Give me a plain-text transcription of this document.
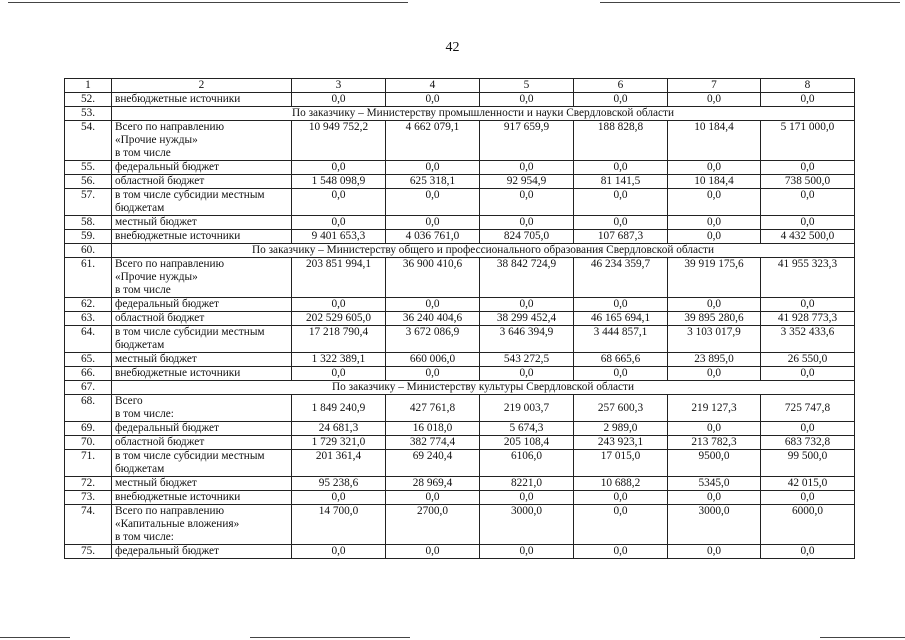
42
1	2	3	4	5	6	7	8
52.	внебюджетные источники	0,0	0,0	0,0	0,0	0,0	0,0
53.	По заказчику – Министерству промышленности и науки Свердловской области						
54.	Всего по направлению
«Прочие нужды»
в том числе	10 949 752,2	4 662 079,1	917 659,9	188 828,8	10 184,4	5 171 000,0
55.	федеральный бюджет	0,0	0,0	0,0	0,0	0,0	0,0
56.	областной бюджет	1 548 098,9	625 318,1	92 954,9	81 141,5	10 184,4	738 500,0
57.	в том числе субсидии местным
бюджетам	0,0	0,0	0,0	0,0	0,0	0,0
58.	местный бюджет	0,0	0,0	0,0	0,0	0,0	0,0
59.	внебюджетные источники	9 401 653,3	4 036 761,0	824 705,0	107 687,3	0,0	4 432 500,0
60.	По заказчику – Министерству общего и профессионального образования Свердловской области						
61.	Всего по направлению
«Прочие нужды»
в том числе	203 851 994,1	36 900 410,6	38 842 724,9	46 234 359,7	39 919 175,6	41 955 323,3
62.	федеральный бюджет	0,0	0,0	0,0	0,0	0,0	0,0
63.	областной бюджет	202 529 605,0	36 240 404,6	38 299 452,4	46 165 694,1	39 895 280,6	41 928 773,3
64.	в том числе субсидии местным
бюджетам	17 218 790,4	3 672 086,9	3 646 394,9	3 444 857,1	3 103 017,9	3 352 433,6
65.	местный бюджет	1 322 389,1	660 006,0	543 272,5	68 665,6	23 895,0	26 550,0
66.	внебюджетные источники	0,0	0,0	0,0	0,0	0,0	0,0
67.	По заказчику – Министерству культуры Свердловской области						
68.	Всего
в том числе:	1 849 240,9	427 761,8	219 003,7	257 600,3	219 127,3	725 747,8
69.	федеральный бюджет	24 681,3	16 018,0	5 674,3	2 989,0	0,0	0,0
70.	областной бюджет	1 729 321,0	382 774,4	205 108,4	243 923,1	213 782,3	683 732,8
71.	в том числе субсидии местным
бюджетам	201 361,4	69 240,4	6106,0	17 015,0	9500,0	99 500,0
72.	местный бюджет	95 238,6	28 969,4	8221,0	10 688,2	5345,0	42 015,0
73.	внебюджетные источники	0,0	0,0	0,0	0,0	0,0	0,0
74.	Всего по направлению
«Капитальные вложения»
в том числе:	14 700,0	2700,0	3000,0	0,0	3000,0	6000,0
75.	федеральный бюджет	0,0	0,0	0,0	0,0	0,0	0,0
